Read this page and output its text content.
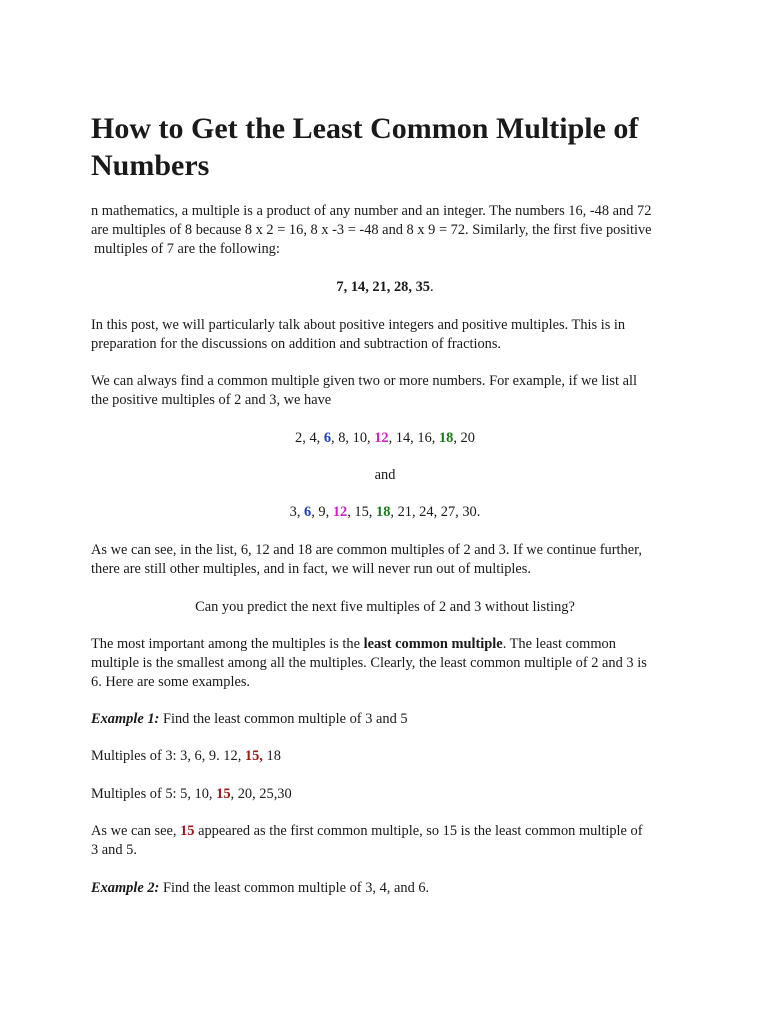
How to Get the Least Common Multiple of Numbers
n mathematics, a multiple is a product of any number and an integer. The numbers 16, -48 and 72
are multiples of 8 because 8 x 2 = 16, 8 x -3 = -48 and 8 x 9 = 72. Similarly, the first five positive
multiples of 7 are the following:
7, 14, 21, 28, 35.
In this post, we will particularly talk about positive integers and positive multiples. This is in
preparation for the discussions on addition and subtraction of fractions.
We can always find a common multiple given two or more numbers. For example, if we list all
the positive multiples of 2 and 3, we have
2, 4, 6, 8, 10, 12, 14, 16, 18, 20
and
3, 6, 9, 12, 15, 18, 21, 24, 27, 30.
As we can see, in the list, 6, 12 and 18 are common multiples of 2 and 3. If we continue further,
there are still other multiples, and in fact, we will never run out of multiples.
Can you predict the next five multiples of 2 and 3 without listing?
The most important among the multiples is the least common multiple. The least common
multiple is the smallest among all the multiples. Clearly, the least common multiple of 2 and 3 is
6. Here are some examples.
Example 1: Find the least common multiple of 3 and 5
Multiples of 3: 3, 6, 9. 12, 15, 18
Multiples of 5: 5, 10, 15, 20, 25,30
As we can see, 15 appeared as the first common multiple, so 15 is the least common multiple of
3 and 5.
Example 2: Find the least common multiple of 3, 4, and 6.
